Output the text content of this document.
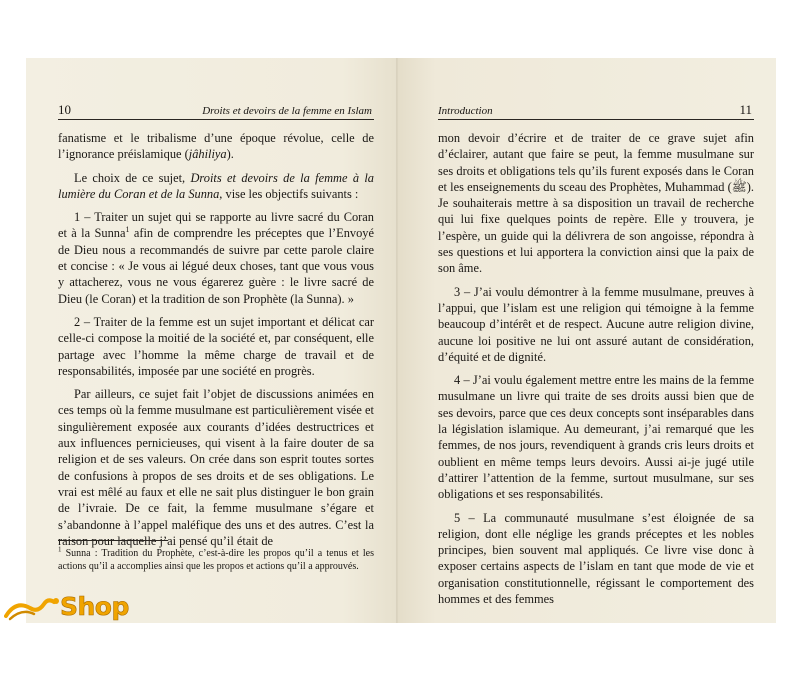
10	Droits et devoirs de la femme en Islam

fanatisme et le tribalisme d’une époque révolue, celle de l’ignorance préislamique (jâhiliya).

Le choix de ce sujet, Droits et devoirs de la femme à la lumière du Coran et de la Sunna, vise les objectifs suivants :

1 – Traiter un sujet qui se rapporte au livre sacré du Coran et à la Sunna$^1$ afin de comprendre les préceptes que l’Envoyé de Dieu nous a recommandés de suivre par cette parole claire et concise : « Je vous ai légué deux choses, tant que vous vous y attacherez, vous ne vous égarerez guère : le livre sacré de Dieu (le Coran) et la tradition de son Prophète (la Sunna). »

2 – Traiter de la femme est un sujet important et délicat car celle-ci compose la moitié de la société et, par conséquent, elle partage avec l’homme la même charge de travail et de responsabilités, imposée par une société en progrès.

Par ailleurs, ce sujet fait l’objet de discussions animées en ces temps où la femme musulmane est particulièrement visée et singulièrement exposée aux courants d’idées destructrices et aux influences pernicieuses, qui visent à la faire douter de sa religion et de ses valeurs. On crée dans son esprit toutes sortes de confusions à propos de ses droits et de ses obligations. Le vrai est mêlé au faux et elle ne sait plus distinguer le bon grain de l’ivraie. De ce fait, la femme musulmane s’égare et s’abandonne à l’appel maléfique des uns et des autres. C’est la raison pour laquelle j’ai pensé qu’il était de

$^1$ Sunna : Tradition du Prophète, c’est-à-dire les propos qu’il a tenus et les actions qu’il a accomplies ainsi que les propos et actions qu’il a approuvés.
Introduction	11

mon devoir d’écrire et de traiter de ce grave sujet afin d’éclairer, autant que faire se peut, la femme musulmane sur ses droits et obligations tels qu’ils furent exposés dans le Coran et les enseignements du sceau des Prophètes, Muhammad (ﷺ). Je souhaiterais mettre à sa disposition un travail de recherche qui lui fixe quelques points de repère. Elle y trouvera, je l’espère, un guide qui la délivrera de son angoisse, répondra à ses questions et lui apportera la conviction ainsi que la paix de son âme.

3 – J’ai voulu démontrer à la femme musulmane, preuves à l’appui, que l’islam est une religion qui témoigne à la femme beaucoup d’intérêt et de respect. Aucune autre religion divine, aucune loi positive ne lui ont assuré autant de considération, d’équité et de dignité.

4 – J’ai voulu également mettre entre les mains de la femme musulmane un livre qui traite de ses droits aussi bien que de ses devoirs, parce que ces deux concepts sont inséparables dans la législation islamique. Au demeurant, j’ai remarqué que les femmes, de nos jours, revendiquent à grands cris leurs droits et oublient en même temps leurs devoirs. Aussi ai-je jugé utile d’attirer l’attention de la femme, surtout musulmane, sur ses obligations et ses responsabilités.

5 – La communauté musulmane s’est éloignée de sa religion, dont elle néglige les grands préceptes et les nobles principes, bien souvent mal appliqués. Ce livre vise donc à exposer certains aspects de l’islam en tant que mode de vie et organisation constitutionnelle, régissant le comportement des hommes et des femmes

Shop
